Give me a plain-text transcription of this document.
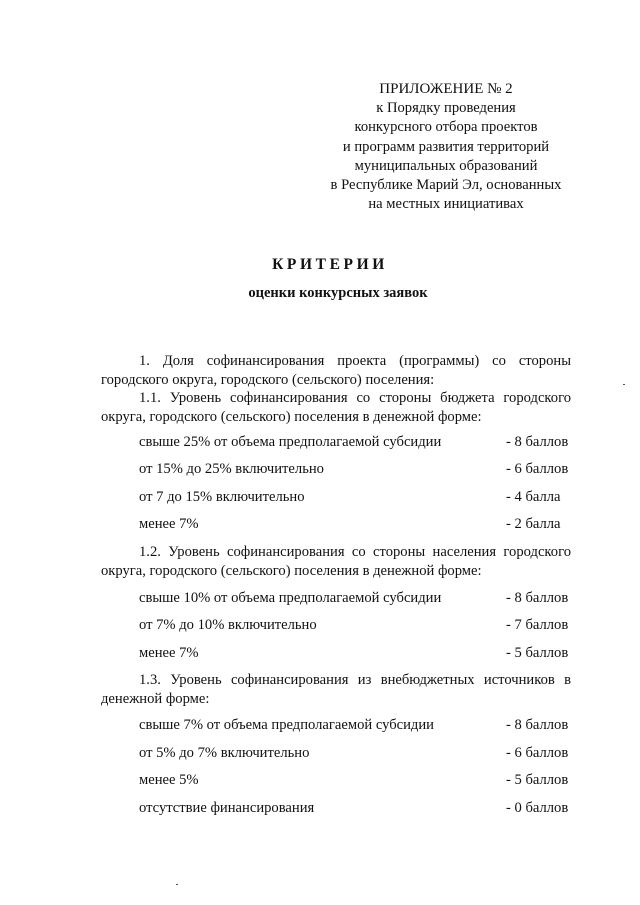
ПРИЛОЖЕНИЕ № 2
к Порядку проведения
конкурсного отбора проектов
и программ развития территорий
муниципальных образований
в Республике Марий Эл, основанных
на местных инициативах
КРИТЕРИИ
оценки конкурсных заявок
1. Доля софинансирования проекта (программы) со стороны городского округа, городского (сельского) поселения:
1.1. Уровень софинансирования со стороны бюджета городского округа, городского (сельского) поселения в денежной форме:
свыше 25% от объема предполагаемой субсидии	- 8 баллов
от 15% до 25% включительно	- 6 баллов
от 7 до 15% включительно	- 4 балла
менее 7%	- 2 балла
1.2. Уровень софинансирования со стороны населения городского округа, городского (сельского) поселения в денежной форме:
свыше 10% от объема предполагаемой субсидии	- 8 баллов
от 7% до 10% включительно	- 7 баллов
менее 7%	- 5 баллов
1.3. Уровень софинансирования из внебюджетных источников в денежной форме:
свыше 7% от объема предполагаемой субсидии	- 8 баллов
от 5% до 7% включительно	- 6 баллов
менее 5%	- 5 баллов
отсутствие финансирования	- 0 баллов
